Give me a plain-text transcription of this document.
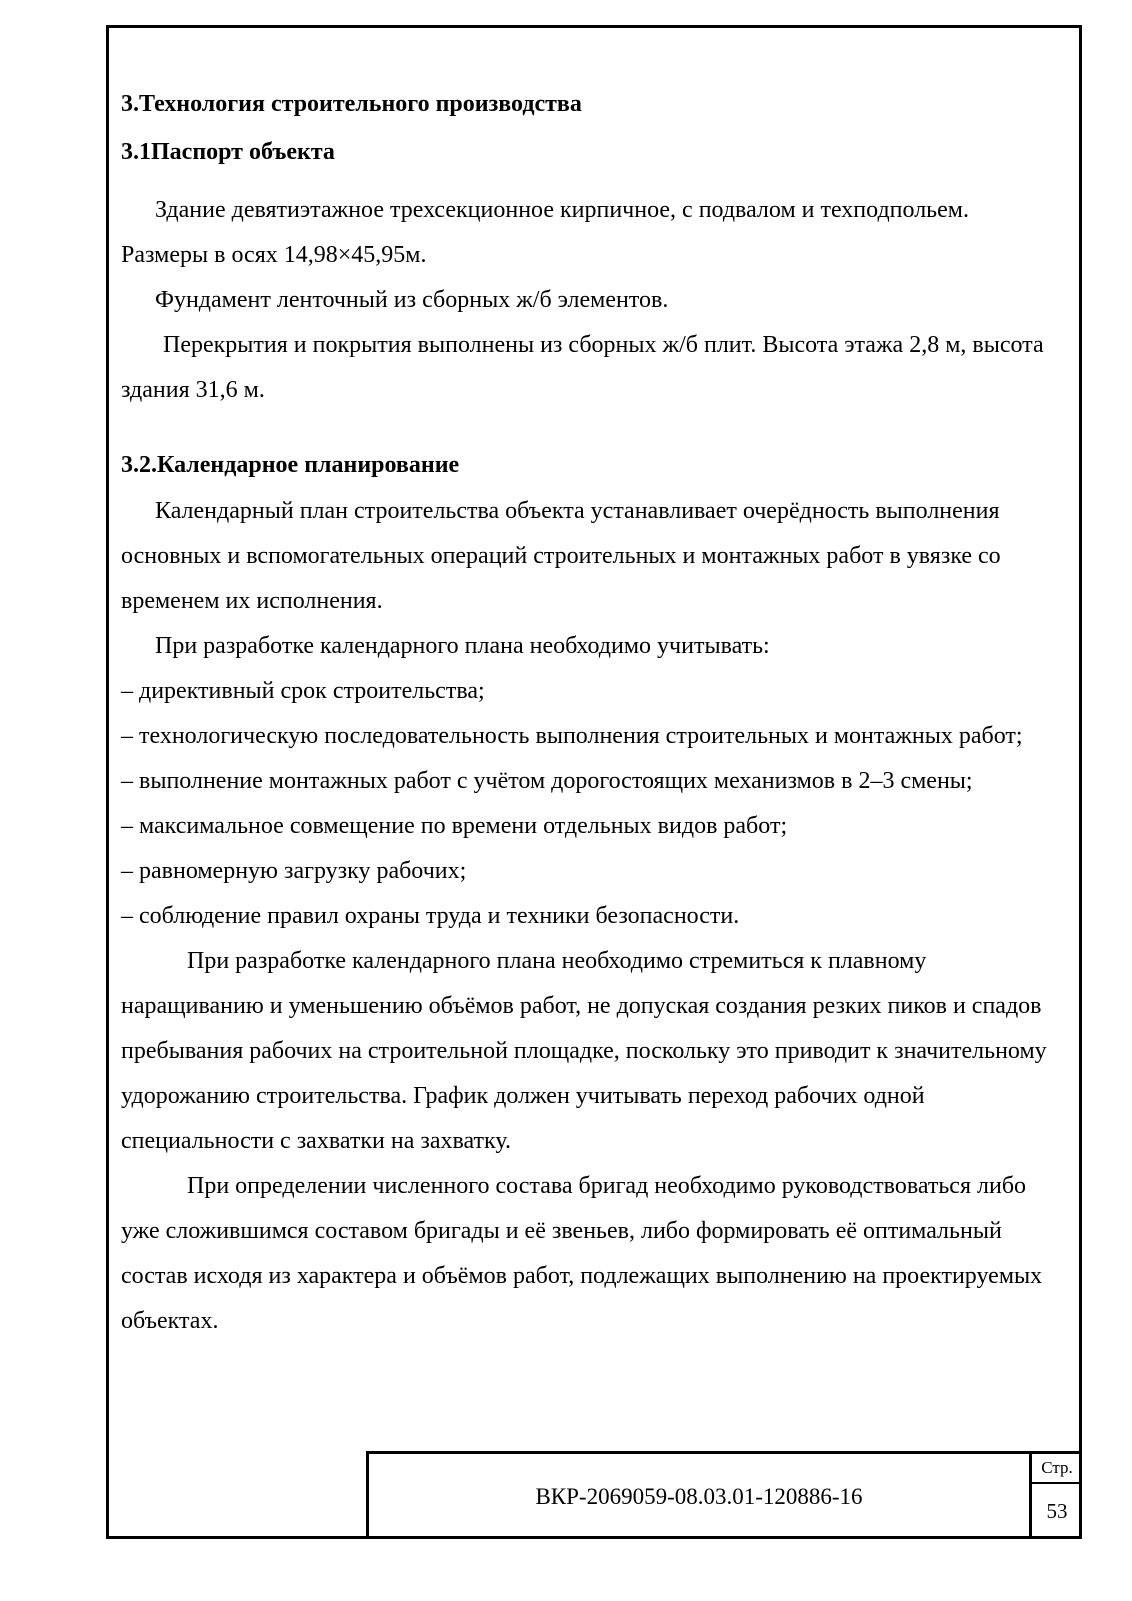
3.Технология строительного производства
3.1Паспорт объекта

Здание девятиэтажное трехсекционное кирпичное, с подвалом и техподпольем. Размеры в осях 14,98×45,95м.

Фундамент ленточный из сборных ж/б элементов.

Перекрытия и покрытия выполнены из сборных ж/б плит. Высота этажа 2,8 м, высота здания 31,6 м.

3.2.Календарное планирование

Календарный план строительства объекта устанавливает очерёдность выполнения основных и вспомогательных операций строительных и монтажных работ в увязке со временем их исполнения.

При разработке календарного плана необходимо учитывать:

– директивный срок строительства;

– технологическую последовательность выполнения строительных и монтажных работ;

– выполнение монтажных работ с учётом дорогостоящих механизмов в 2–3 смены;

– максимальное совмещение по времени отдельных видов работ;

– равномерную загрузку рабочих;

– соблюдение правил охраны труда и техники безопасности.

При разработке календарного плана необходимо стремиться к плавному наращиванию и уменьшению объёмов работ, не допуская создания резких пиков и спадов пребывания рабочих на строительной площадке, поскольку это приводит к значительному удорожанию строительства. График должен учитывать переход рабочих одной специальности с захватки на захватку.

При определении численного состава бригад необходимо руководствоваться либо уже сложившимся составом бригады и её звеньев, либо формировать её оптимальный состав исходя из характера и объёмов работ, подлежащих выполнению на проектируемых объектах.

ВКР-2069059-08.03.01-120886-16
Стр.
53
